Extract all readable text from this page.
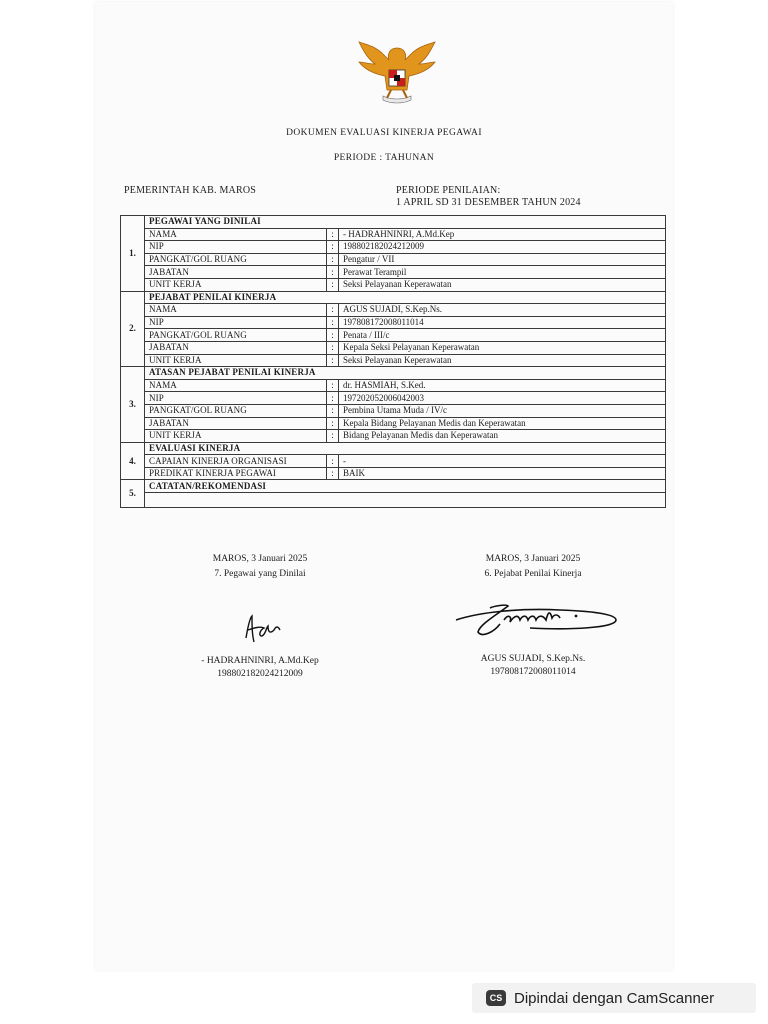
DOKUMEN EVALUASI KINERJA PEGAWAI
PERIODE : TAHUNAN
PEMERINTAH KAB. MAROS	PERIODE PENILAIAN:
1 APRIL SD 31 DESEMBER TAHUN 2024
1.	PEGAWAI YANG DINILAI		
	NAMA	:	- HADRAHNINRI, A.Md.Kep
	NIP	:	198802182024212009
	PANGKAT/GOL RUANG	:	Pengatur / VII
	JABATAN	:	Perawat Terampil
	UNIT KERJA	:	Seksi Pelayanan Keperawatan
2.	PEJABAT PENILAI KINERJA		
	NAMA	:	AGUS SUJADI, S.Kep.Ns.
	NIP	:	197808172008011014
	PANGKAT/GOL RUANG	:	Penata / III/c
	JABATAN	:	Kepala Seksi Pelayanan Keperawatan
	UNIT KERJA	:	Seksi Pelayanan Keperawatan
3.	ATASAN PEJABAT PENILAI KINERJA		
	NAMA	:	dr. HASMIAH, S.Ked.
	NIP	:	197202052006042003
	PANGKAT/GOL RUANG	:	Pembina Utama Muda / IV/c
	JABATAN	:	Kepala Bidang Pelayanan Medis dan Keperawatan
	UNIT KERJA	:	Bidang Pelayanan Medis dan Keperawatan
4.	EVALUASI KINERJA		
	CAPAIAN KINERJA ORGANISASI	:	-
	PREDIKAT KINERJA PEGAWAI	:	BAIK
5.	CATATAN/REKOMENDASI		

MAROS, 3 Januari 2025
7. Pegawai yang Dinilai
- HADRAHNINRI, A.Md.Kep
198802182024212009
MAROS, 3 Januari 2025
6. Pejabat Penilai Kinerja
AGUS SUJADI, S.Kep.Ns.
197808172008011014
CS Dipindai dengan CamScanner
